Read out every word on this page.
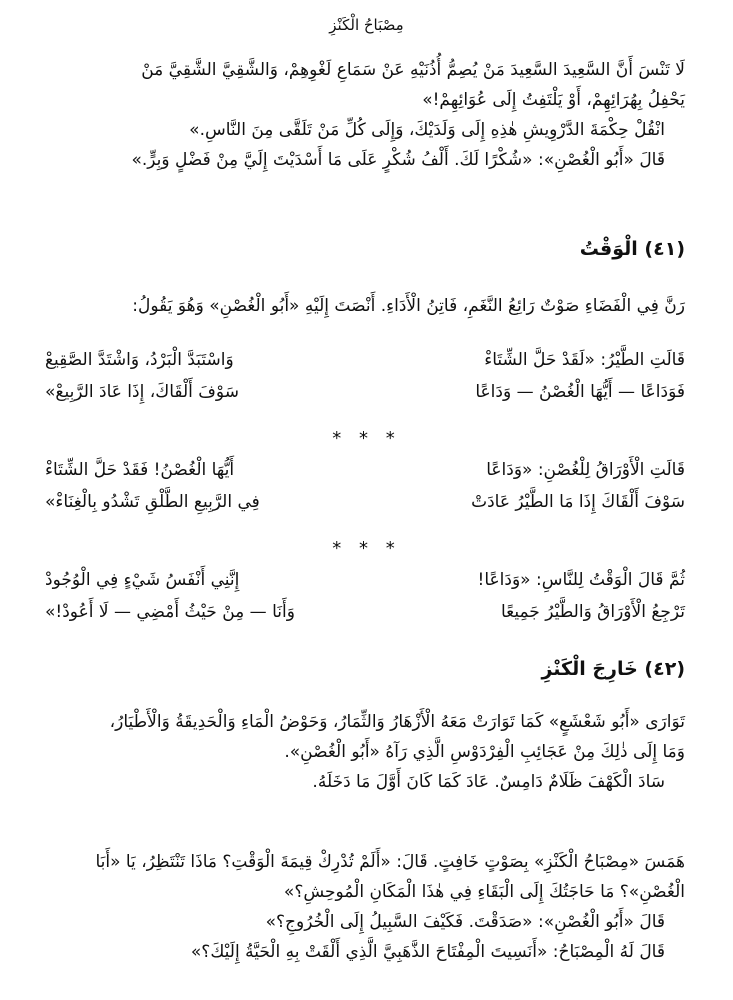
مِصْبَاحُ الْكَنْزِ
لَا تَنْسَ أَنَّ السَّعِيدَ السَّعِيدَ مَنْ يُصِمُّ أُذُنَيْهِ عَنْ سَمَاعِ لَغْوِهِمْ، وَالشَّقِيَّ الشَّقِيَّ مَنْ
يَحْفِلُ بِهُرَائِهِمْ، أَوْ يَلْتَفِتُ إِلَى عُوَائِهِمْ!»
انْقُلْ حِكْمَةَ الدَّرْوِيشِ هٰذِهِ إِلَى وَلَدَيْكَ، وَإِلَى كُلِّ مَنْ تَلَقَّى مِنَ النَّاسِ.»
قَالَ «أَبُو الْغُصْنِ»: «شُكْرًا لَكَ. أَلْفُ شُكْرٍ عَلَى مَا أَسْدَيْتَ إِلَيَّ مِنْ فَضْلٍ وَبِرٍّ.»
(٤١) الْوَقْتُ
رَنَّ فِي الْفَضَاءِ صَوْتٌ رَائِعُ النَّغَمِ، فَاتِنُ الْأَدَاءِ. أَنْصَتَ إِلَيْهِ «أَبُو الْغُصْنِ» وَهُوَ يَقُولُ:
قَالَتِ الطَّيْرُ: «لَقَدْ حَلَّ الشِّتَاءْ
وَاسْتَبَدَّ الْبَرْدُ، وَاشْتَدَّ الصَّقِيعْ
فَوَدَاعًا — أَيُّهَا الْغُصْنُ — وَدَاعًا
سَوْفَ أَلْقَاكَ، إِذَا عَادَ الرَّبِيعْ»
* * *
قَالَتِ الْأَوْرَاقُ لِلْغُصْنِ: «وَدَاعًا
أَيُّهَا الْغُصْنُ! فَقَدْ حَلَّ الشِّتَاءْ
سَوْفَ أَلْقَاكَ إِذَا مَا الطَّيْرُ عَادَتْ
فِي الرَّبِيعِ الطَّلْقِ تَشْدُو بِالْغِنَاءْ»
* * *
ثُمَّ قَالَ الْوَقْتُ لِلنَّاسِ: «وَدَاعًا!
إِنَّنِي أَنْفَسُ شَيْءٍ فِي الْوُجُودْ
تَرْجِعُ الْأَوْرَاقُ وَالطَّيْرُ جَمِيعًا
وَأَنَا — مِنْ حَيْثُ أَمْضِي — لَا أَعُودْ!»
(٤٢) خَارِجَ الْكَنْزِ
تَوَارَى «أَبُو شَعْشَعٍ» كَمَا تَوَارَتْ مَعَهُ الْأَزْهَارُ وَالثِّمَارُ، وَحَوْضُ الْمَاءِ وَالْحَدِيقَةُ وَالْأَطْيَارُ،
وَمَا إِلَى ذٰلِكَ مِنْ عَجَائِبِ الْفِرْدَوْسِ الَّذِي رَآهُ «أَبُو الْغُصْنِ».
سَادَ الْكَهْفَ ظَلَامٌ دَامِسٌ. عَادَ كَمَا كَانَ أَوَّلَ مَا دَخَلَهُ.
هَمَسَ «مِصْبَاحُ الْكَنْزِ» بِصَوْتٍ خَافِتٍ. قَالَ: «أَلَمْ تُدْرِكْ قِيمَةَ الْوَقْتِ؟ مَاذَا تَنْتَظِرُ، يَا «أَبَا
الْغُصْنِ»؟ مَا حَاجَتُكَ إِلَى الْبَقَاءِ فِي هٰذَا الْمَكَانِ الْمُوحِشِ؟»
قَالَ «أَبُو الْغُصْنِ»: «صَدَقْتَ. فَكَيْفَ السَّبِيلُ إِلَى الْخُرُوجِ؟»
قَالَ لَهُ الْمِصْبَاحُ: «أَنَسِيتَ الْمِفْتَاحَ الذَّهَبِيَّ الَّذِي أَلْقَتْ بِهِ الْحَيَّةُ إِلَيْكَ؟»
